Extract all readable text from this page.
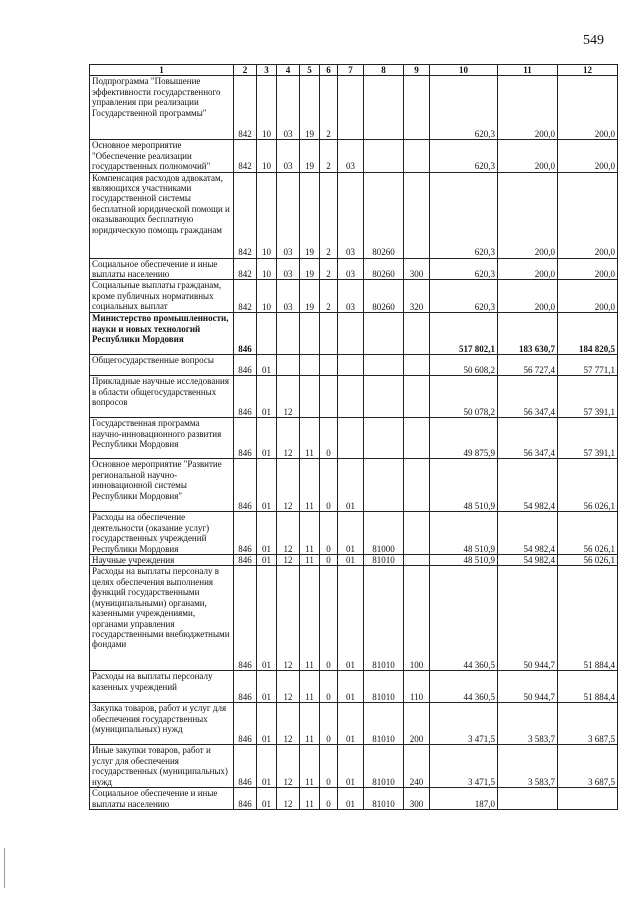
549
1	2	3	4	5	6	7	8	9	10	11	12
Подпрограмма "Повышение эффективности государственного управления при реализации Государственной программы"	842	10	03	19	2				620,3	200,0	200,0
Основное мероприятие "Обеспечение реализации государственных полномочий"	842	10	03	19	2	03			620,3	200,0	200,0
Компенсация расходов адвокатам, являющихся участниками государственной системы бесплатной юридической помощи и оказывающих бесплатную юридическую помощь гражданам	842	10	03	19	2	03	80260		620,3	200,0	200,0
Социальное обеспечение и иные выплаты населению	842	10	03	19	2	03	80260	300	620,3	200,0	200,0
Социальные выплаты гражданам, кроме публичных нормативных социальных выплат	842	10	03	19	2	03	80260	320	620,3	200,0	200,0
Министерство промышленности, науки и новых технологий Республики Мордовия	846								517 802,1	183 630,7	184 820,5
Общегосударственные вопросы	846	01							50 608,2	56 727,4	57 771,1
Прикладные научные исследования в области общегосударственных вопросов	846	01	12						50 078,2	56 347,4	57 391,1
Государственная программа научно-инновационного развития Республики Мордовия	846	01	12	11	0				49 875,9	56 347,4	57 391,1
Основное мероприятие "Развитие региональной научно-инновационной системы Республики Мордовия"	846	01	12	11	0	01			48 510,9	54 982,4	56 026,1
Расходы на обеспечение деятельности (оказание услуг) государственных учреждений Республики Мордовия	846	01	12	11	0	01	81000		48 510,9	54 982,4	56 026,1
Научные учреждения	846	01	12	11	0	01	81010		48 510,9	54 982,4	56 026,1
Расходы на выплаты персоналу в целях обеспечения выполнения функций государственными (муниципальными) органами, казенными учреждениями, органами управления государственными внебюджетными фондами	846	01	12	11	0	01	81010	100	44 360,5	50 944,7	51 884,4
Расходы на выплаты персоналу казенных учреждений	846	01	12	11	0	01	81010	110	44 360,5	50 944,7	51 884,4
Закупка товаров, работ и услуг для обеспечения государственных (муниципальных) нужд	846	01	12	11	0	01	81010	200	3 471,5	3 583,7	3 687,5
Иные закупки товаров, работ и услуг для обеспечения государственных (муниципальных) нужд	846	01	12	11	0	01	81010	240	3 471,5	3 583,7	3 687,5
Социальное обеспечение и иные выплаты населению	846	01	12	11	0	01	81010	300	187,0		
